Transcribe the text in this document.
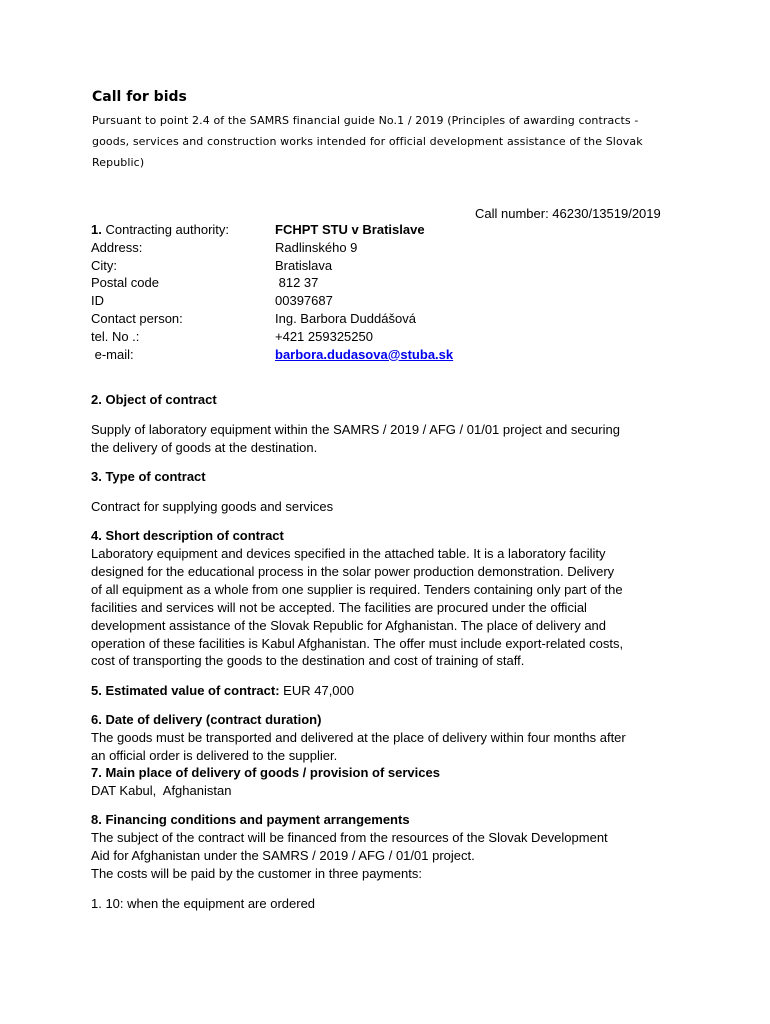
Call for bids
Pursuant to point 2.4 of the SAMRS financial guide No.1 / 2019 (Principles of awarding contracts -
goods, services and construction works intended for official development assistance of the Slovak
Republic)
Call number: 46230/13519/2019
1. Contracting authority:	FCHPT STU v Bratislave
Address:	Radlinského 9
City:	Bratislava
Postal code	812 37
ID	00397687
Contact person:	Ing. Barbora Duddášová
tel. No .:	+421 259325250
e-mail:	barbora.dudasova@stuba.sk
2. Object of contract
Supply of laboratory equipment within the SAMRS / 2019 / AFG / 01/01 project and securing
the delivery of goods at the destination.
3. Type of contract
Contract for supplying goods and services
4. Short description of contract
Laboratory equipment and devices specified in the attached table. It is a laboratory facility
designed for the educational process in the solar power production demonstration. Delivery
of all equipment as a whole from one supplier is required. Tenders containing only part of the
facilities and services will not be accepted. The facilities are procured under the official
development assistance of the Slovak Republic for Afghanistan. The place of delivery and
operation of these facilities is Kabul Afghanistan. The offer must include export-related costs,
cost of transporting the goods to the destination and cost of training of staff.
5. Estimated value of contract: EUR 47,000
6. Date of delivery (contract duration)
The goods must be transported and delivered at the place of delivery within four months after
an official order is delivered to the supplier.
7. Main place of delivery of goods / provision of services
DAT Kabul,  Afghanistan
8. Financing conditions and payment arrangements
The subject of the contract will be financed from the resources of the Slovak Development
Aid for Afghanistan under the SAMRS / 2019 / AFG / 01/01 project.
The costs will be paid by the customer in three payments:
1. 10: when the equipment are ordered
